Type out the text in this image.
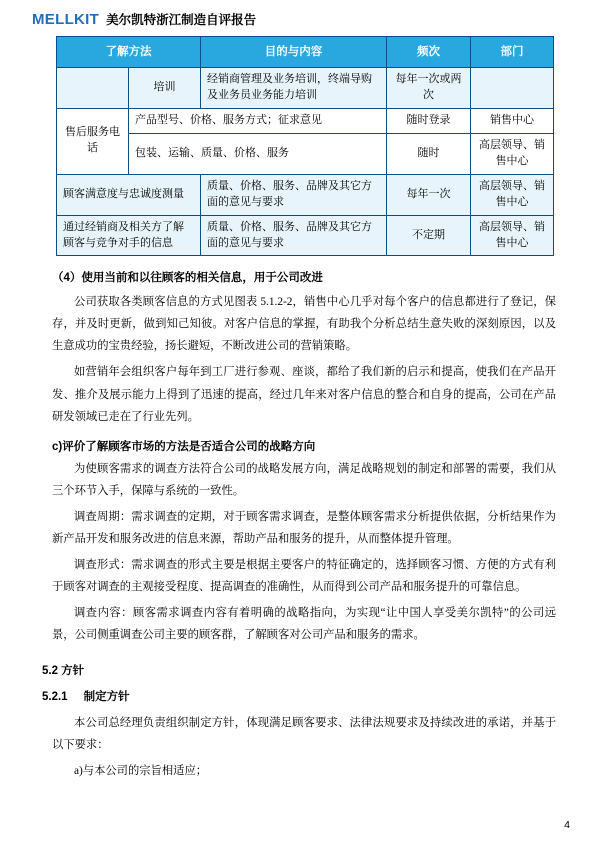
MELLKIT 美尔凯特浙江制造自评报告
了解方法		目的与内容	频次	部门
	培训	经销商管理及业务培训，终端导购及业务员业务能力培训	每年一次或两次	
售后服务电话	产品型号、价格、服务方式；征求意见		随时登录	销售中心
	包装、运输、质量、价格、服务		随时	高层领导、销售中心
顾客满意度与忠诚度测量		质量、价格、服务、品牌及其它方面的意见与要求	每年一次	高层领导、销售中心
通过经销商及相关方了解顾客与竞争对手的信息		质量、价格、服务、品牌及其它方面的意见与要求	不定期	高层领导、销售中心
（4）使用当前和以往顾客的相关信息，用于公司改进

公司获取各类顾客信息的方式见图表 5.1.2-2，销售中心几乎对每个客户的信息都进行了登记，保存，并及时更新，做到知己知彼。对客户信息的掌握，有助我个分析总结生意失败的深刻原因，以及生意成功的宝贵经验，扬长避短，不断改进公司的营销策略。

如营销年会组织客户每年到工厂进行参观、座谈，都给了我们新的启示和提高，使我们在产品开发、推介及展示能力上得到了迅速的提高，经过几年来对客户信息的整合和自身的提高，公司在产品研发领域已走在了行业先列。

c)评价了解顾客市场的方法是否适合公司的战略方向

为使顾客需求的调查方法符合公司的战略发展方向，满足战略规划的制定和部署的需要，我们从三个环节入手，保障与系统的一致性。

调查周期：需求调查的定期，对于顾客需求调查，是整体顾客需求分析提供依据，分析结果作为新产品开发和服务改进的信息来源，帮助产品和服务的提升，从而整体提升管理。

调查形式：需求调查的形式主要是根据主要客户的特征确定的，选择顾客习惯、方便的方式有利于顾客对调查的主观接受程度、提高调查的准确性，从而得到公司产品和服务提升的可靠信息。

调查内容：顾客需求调查内容有着明确的战略指向，为实现“让中国人享受美尔凯特”的公司远景，公司侧重调查公司主要的顾客群，了解顾客对公司产品和服务的需求。

5.2 方针
5.2.1 制定方针

本公司总经理负责组织制定方针，体现满足顾客要求、法律法规要求及持续改进的承诺，并基于以下要求：

a)与本公司的宗旨相适应；

4
